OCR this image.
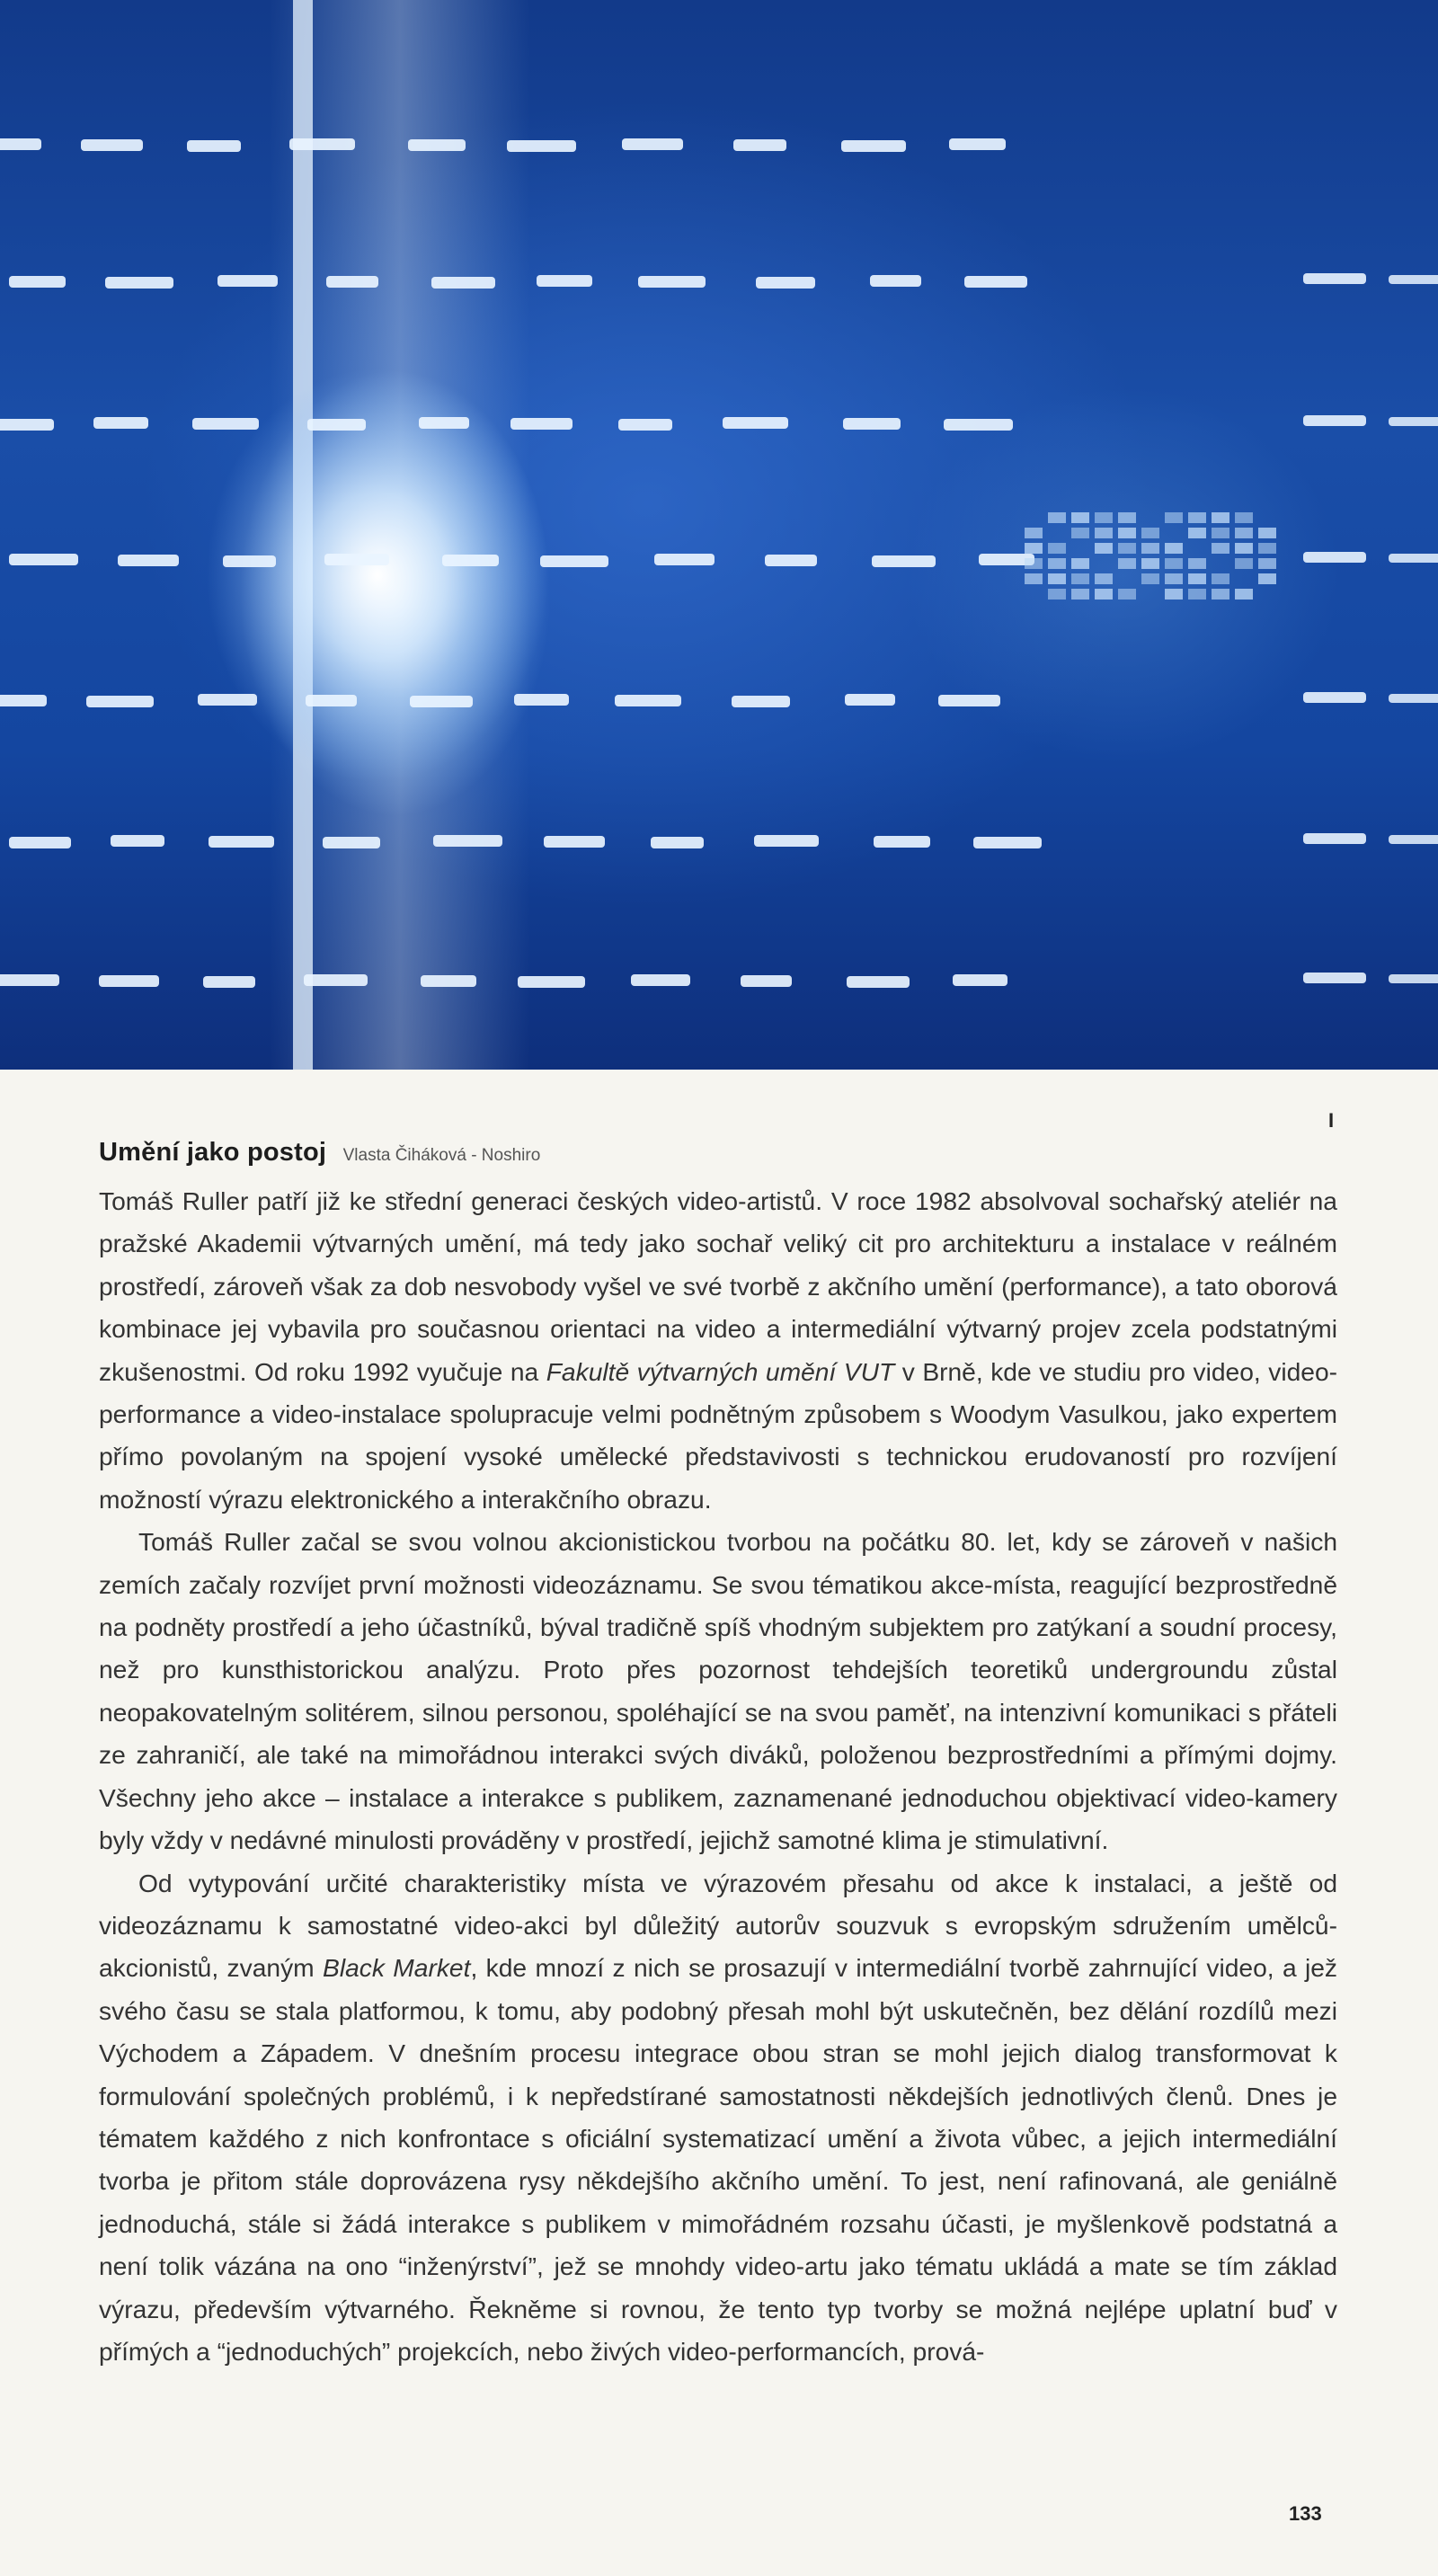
I
Umění jako postoj Vlasta Čiháková - Noshiro

Tomáš Ruller patří již ke střední generaci českých video-artistů. V roce 1982 absolvoval sochařský ateliér na pražské Akademii výtvarných umění, má tedy jako sochař veliký cit pro architekturu a instalace v reálném prostředí, zároveň však za dob nesvobody vyšel ve své tvorbě z akčního umění (performance), a tato oborová kombinace jej vybavila pro současnou orientaci na video a intermediální výtvarný projev zcela podstatnými zkušenostmi. Od roku 1992 vyučuje na Fakultě výtvarných umění VUT v Brně, kde ve studiu pro video, video-performance a video-instalace spolupracuje velmi podnětným způsobem s Woodym Vasulkou, jako expertem přímo povolaným na spojení vysoké umělecké představivosti s technickou erudovaností pro rozvíjení možností výrazu elektronického a interakčního obrazu.

Tomáš Ruller začal se svou volnou akcionistickou tvorbou na počátku 80. let, kdy se zároveň v našich zemích začaly rozvíjet první možnosti videozáznamu. Se svou tématikou akce-místa, reagující bezprostředně na podněty prostředí a jeho účastníků, býval tradičně spíš vhodným subjektem pro zatýkaní a soudní procesy, než pro kunsthistorickou analýzu. Proto přes pozornost tehdejších teoretiků undergroundu zůstal neopakovatelným solitérem, silnou personou, spoléhající se na svou paměť, na intenzivní komunikaci s přáteli ze zahraničí, ale také na mimořádnou interakci svých diváků, položenou bezprostředními a přímými dojmy. Všechny jeho akce – instalace a interakce s publikem, zaznamenané jednoduchou objektivací video-kamery byly vždy v nedávné minulosti prováděny v prostředí, jejichž samotné klima je stimulativní.

Od vytypování určité charakteristiky místa ve výrazovém přesahu od akce k instalaci, a ještě od videozáznamu k samostatné video-akci byl důležitý autorův souzvuk s evropským sdružením umělců-akcionistů, zvaným Black Market, kde mnozí z nich se prosazují v intermediální tvorbě zahrnující video, a jež svého času se stala platformou, k tomu, aby podobný přesah mohl být uskutečněn, bez dělání rozdílů mezi Východem a Západem. V dnešním procesu integrace obou stran se mohl jejich dialog transformovat k formulování společných problémů, i k nepředstírané samostatnosti někdejších jednotlivých členů. Dnes je tématem každého z nich konfrontace s oficiální systematizací umění a života vůbec, a jejich intermediální tvorba je přitom stále doprovázena rysy někdejšího akčního umění. To jest, není rafinovaná, ale geniálně jednoduchá, stále si žádá interakce s publikem v mimořádném rozsahu účasti, je myšlenkově podstatná a není tolik vázána na ono “inženýrství”, jež se mnohdy video-artu jako tématu ukládá a mate se tím základ výrazu, především výtvarného. Řekněme si rovnou, že tento typ tvorby se možná nejlépe uplatní buď v přímých a “jednoduchých” projekcích, nebo živých video-performancích, prová-

133
